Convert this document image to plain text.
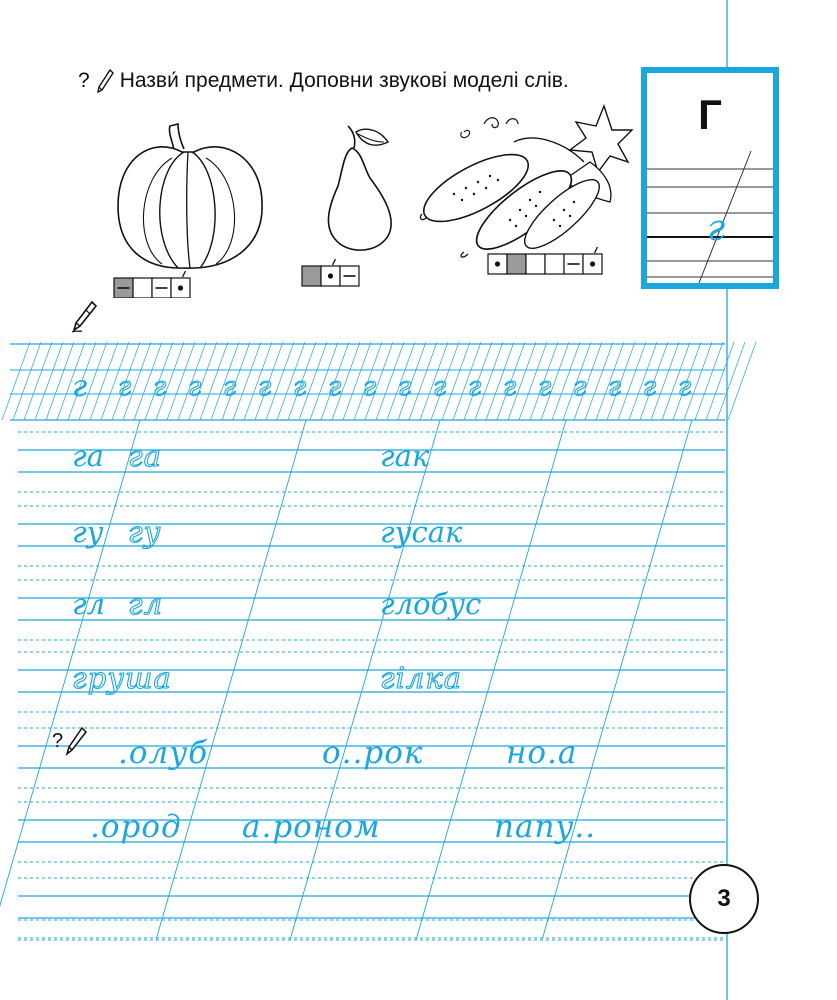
? Назви́ предмети. Доповни звукові моделі слів.
Г
г
г г г г г г г г г г г г г г г г г г
га га	гак
гу гу	гусак
гл гл	глобус
груша	гілка
? .олуб	о..рок	но.а
.ород а.роном	папу..
3
